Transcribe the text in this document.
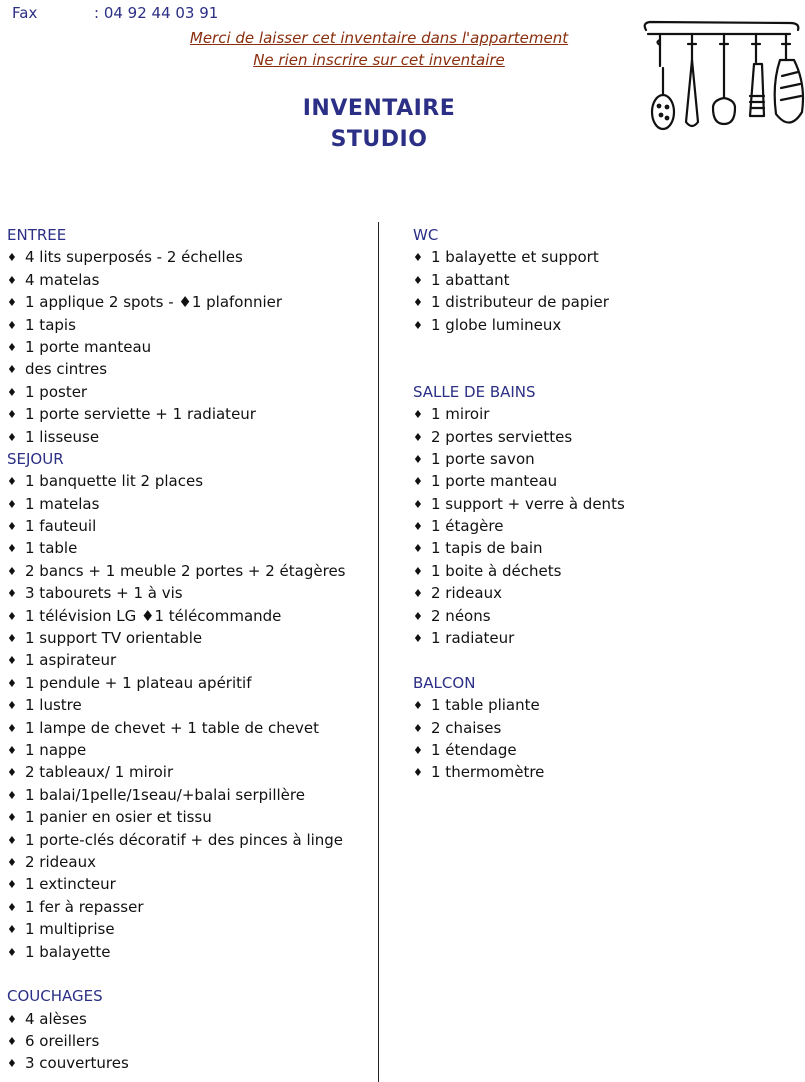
Fax	: 04 92 44 03 91
Merci de laisser cet inventaire dans l'appartement
Ne rien inscrire sur cet inventaire
INVENTAIRE
STUDIO
ENTREE
♦ 4 lits superposés - 2 échelles
♦ 4 matelas
♦ 1 applique 2 spots - ♦1 plafonnier
♦ 1 tapis
♦ 1 porte manteau
♦ des cintres
♦ 1 poster
♦ 1 porte serviette + 1 radiateur
♦ 1 lisseuse
SEJOUR
♦ 1 banquette lit 2 places
♦ 1 matelas
♦ 1 fauteuil
♦ 1 table
♦ 2 bancs + 1 meuble 2 portes + 2 étagères
♦ 3 tabourets + 1 à vis
♦ 1 télévision LG ♦1 télécommande
♦ 1 support TV orientable
♦ 1 aspirateur
♦ 1 pendule + 1 plateau apéritif
♦ 1 lustre
♦ 1 lampe de chevet + 1 table de chevet
♦ 1 nappe
♦ 2 tableaux/ 1 miroir
♦ 1 balai/1pelle/1seau/+balai serpillère
♦ 1 panier en osier et tissu
♦ 1 porte-clés décoratif + des pinces à linge
♦ 2 rideaux
♦ 1 extincteur
♦ 1 fer à repasser
♦ 1 multiprise
♦ 1 balayette
COUCHAGES
♦ 4 alèses
♦ 6 oreillers
♦ 3 couvertures
WC
♦ 1 balayette et support
♦ 1 abattant
♦ 1 distributeur de papier
♦ 1 globe lumineux
SALLE DE BAINS
♦ 1 miroir
♦ 2 portes serviettes
♦ 1 porte savon
♦ 1 porte manteau
♦ 1 support + verre à dents
♦ 1 étagère
♦ 1 tapis de bain
♦ 1 boite à déchets
♦ 2 rideaux
♦ 2 néons
♦ 1 radiateur
BALCON
♦ 1 table pliante
♦ 2 chaises
♦ 1 étendage
♦ 1 thermomètre
